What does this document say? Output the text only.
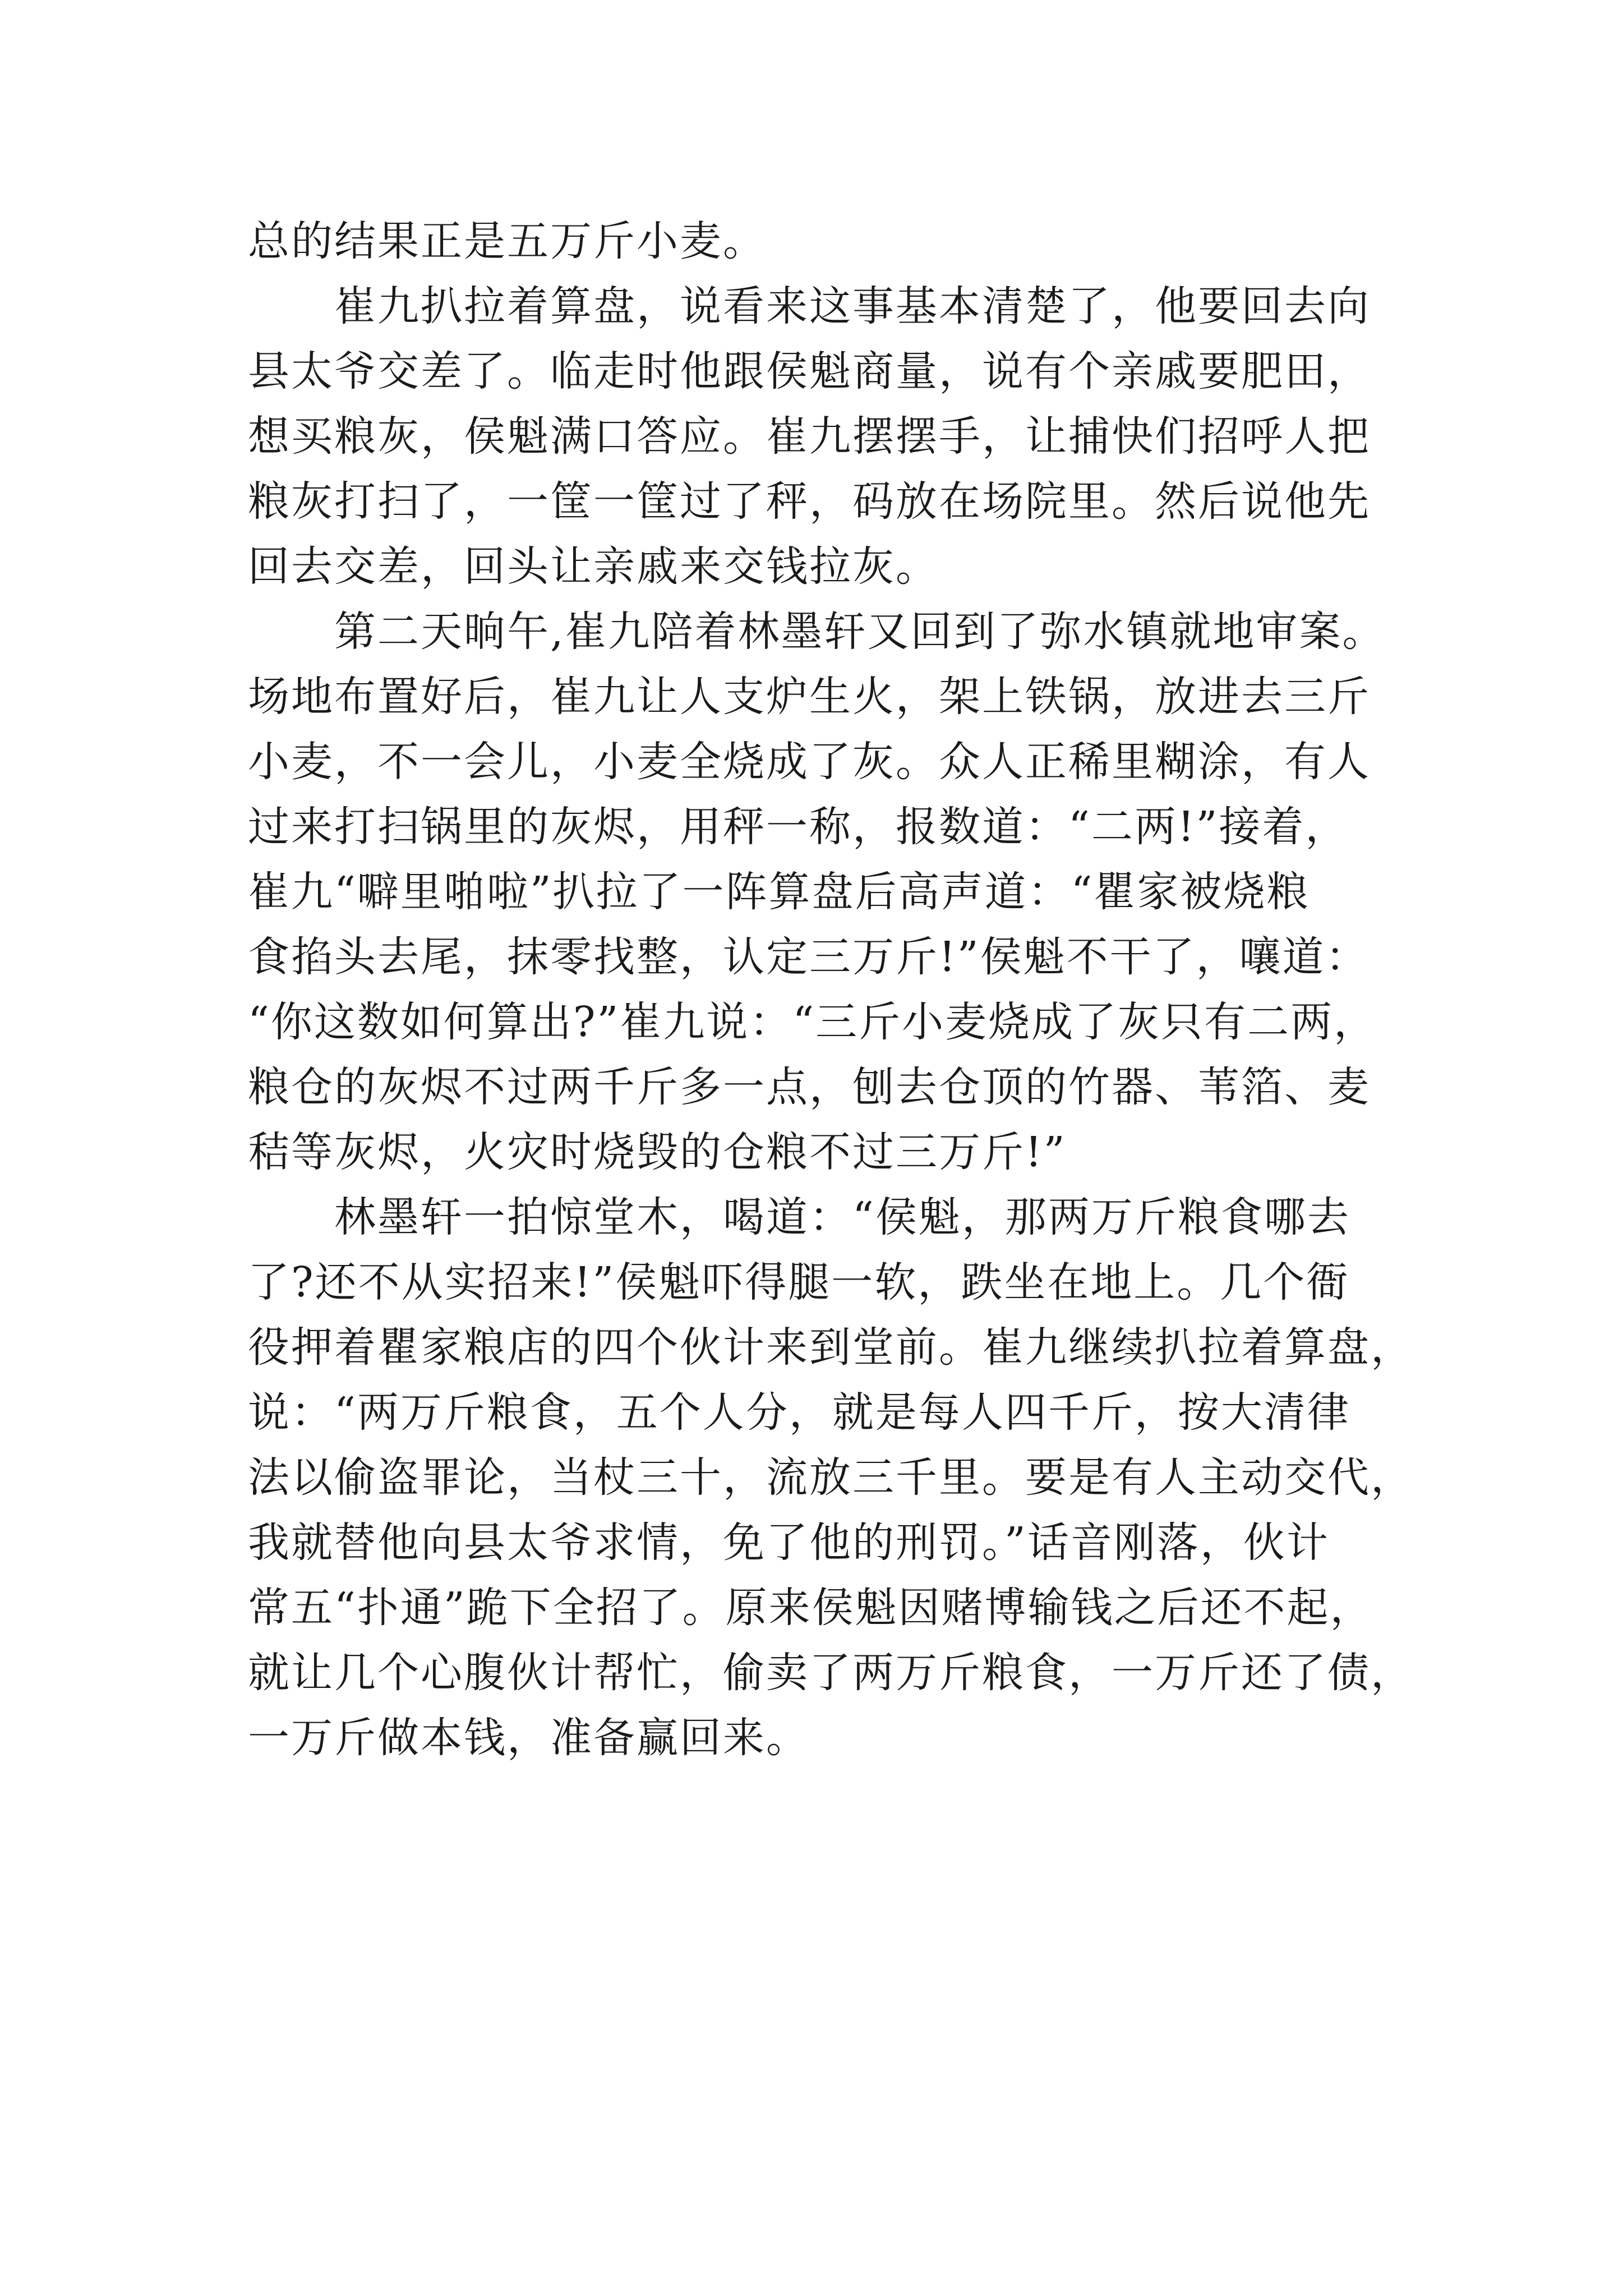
总的结果正是五万斤小麦。
　　崔九扒拉着算盘，说看来这事基本清楚了，他要回去向
县太爷交差了。临走时他跟侯魁商量，说有个亲戚要肥田，
想买粮灰，侯魁满口答应。崔九摆摆手，让捕快们招呼人把
粮灰打扫了，一筐一筐过了秤，码放在场院里。然后说他先
回去交差，回头让亲戚来交钱拉灰。
　　第二天晌午,崔九陪着林墨轩又回到了弥水镇就地审案。
场地布置好后，崔九让人支炉生火，架上铁锅，放进去三斤
小麦，不一会儿，小麦全烧成了灰。众人正稀里糊涂，有人
过来打扫锅里的灰烬，用秤一称，报数道：“二两!”接着，
崔九“噼里啪啦”扒拉了一阵算盘后高声道：“瞿家被烧粮
食掐头去尾，抹零找整，认定三万斤!”侯魁不干了，嚷道：
“你这数如何算出?”崔九说：“三斤小麦烧成了灰只有二两，
粮仓的灰烬不过两千斤多一点，刨去仓顶的竹器、苇箔、麦
秸等灰烬，火灾时烧毁的仓粮不过三万斤!”
　　林墨轩一拍惊堂木，喝道：“侯魁，那两万斤粮食哪去
了?还不从实招来!”侯魁吓得腿一软，跌坐在地上。几个衙
役押着瞿家粮店的四个伙计来到堂前。崔九继续扒拉着算盘，
说：“两万斤粮食，五个人分，就是每人四千斤，按大清律
法以偷盗罪论，当杖三十，流放三千里。要是有人主动交代，
我就替他向县太爷求情，免了他的刑罚。”话音刚落，伙计
常五“扑通”跪下全招了。原来侯魁因赌博输钱之后还不起，
就让几个心腹伙计帮忙，偷卖了两万斤粮食，一万斤还了债，
一万斤做本钱，准备赢回来。
